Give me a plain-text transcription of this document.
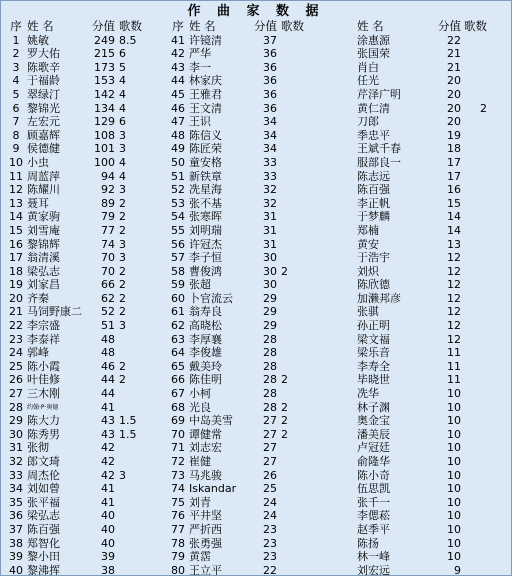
作 曲 家 数 据
序 姓 名	分值 歌数
1 姚敏	249 8.5
2 罗大佑	215 6
3 陈歌辛	173 5
4 于福龄	153 4
5 翠绿汀	142 4
6 黎锦光	134 4
7 左宏元	129 6
8 顾嘉辉	108 3
9 侯德健	101 3
10 小虫	100 4
11 周蓝萍	94 4
12 陈耀川	92 3
13 聂耳	89 2
14 黄家驹	79 2
15 刘雪庵	77 2
16 黎锦辉	74 3
17 翁清溪	70 3
18 梁弘志	70 2
19 刘家昌	66 2
20 齐秦	62 2
21 马饲野康二	52 2
22 李宗盛	51 3
23 李泰祥	48
24 郭峰	48
25 陈小霞	46 2
26 叶佳修	44 2
27 三木刚	44
28 约翰·P·奥德	41
29 陈大力	43 1.5
30 陈秀男	43 1.5
31 张彻	42
32 郎文琦	42
33 周杰伦	42 3
34 刘如曾	41
35 张平福	41
36 梁弘志	40
37 陈百强	40
38 郑智化	40
39 黎小田	39
40 黎沸挥	38
序 姓 名	分值 歌数
41 许镜清	37
42 严华	36
43 李一	36
44 林家庆	36
45 王雅君	36
46 王文清	36
47 王识	34
48 陈信义	34
49 陈匠荣	34
50 童安格	33
51 新铁章	33
52 冼星海	32
53 张不基	32
54 张寒晖	31
55 刘明瑞	31
56 许冠杰	31
57 李子恒	30
58 曹俊鸿	30 2
59 张超	30
60 卜官流云	29
61 翁寿良	29
62 高晓松	29
63 李厚襄	28
64 李俊雄	28
65 戴美玲	28
66 陈佳明	28 2
67 小柯	28
68 光良	28 2
69 中岛美雪	27 2
70 谭健常	27 2
71 刘志宏	27
72 崔健	27
73 马兆骏	26
74 Iskandar	25
75 刘青	24
76 平井坚	24
77 严折西	23
78 张勇强	23
79 黄霑	23
80 王立平	22
姓 名	分值 歌数
涂惠源	22
张国荣	21
肖白	21
任光	20
芹泽广明	20
黄仁清	20	2
刀郎	20
季忠平	19
王斌千春	18
服部良一	17
陈志远	17
陈百强	16
李正帆	15
于梦麟	14
郑楠	14
黄安	13
于浩宇	12
刘炽	12
陈欣德	12
加濑邦彦	12
张骐	12
孙正明	12
梁文福	12
梁乐音	11
李寿全	11
毕晓世	11
冼华	10
林子渊	10
奥金宝	10
潘美辰	10
卢冠廷	10
俞隆华	10
陈小奇	10
伍思凯	10
张千一	10
李偲菘	10
赵季平	10
陈扬	10
林一峰	10
刘宏远	9
